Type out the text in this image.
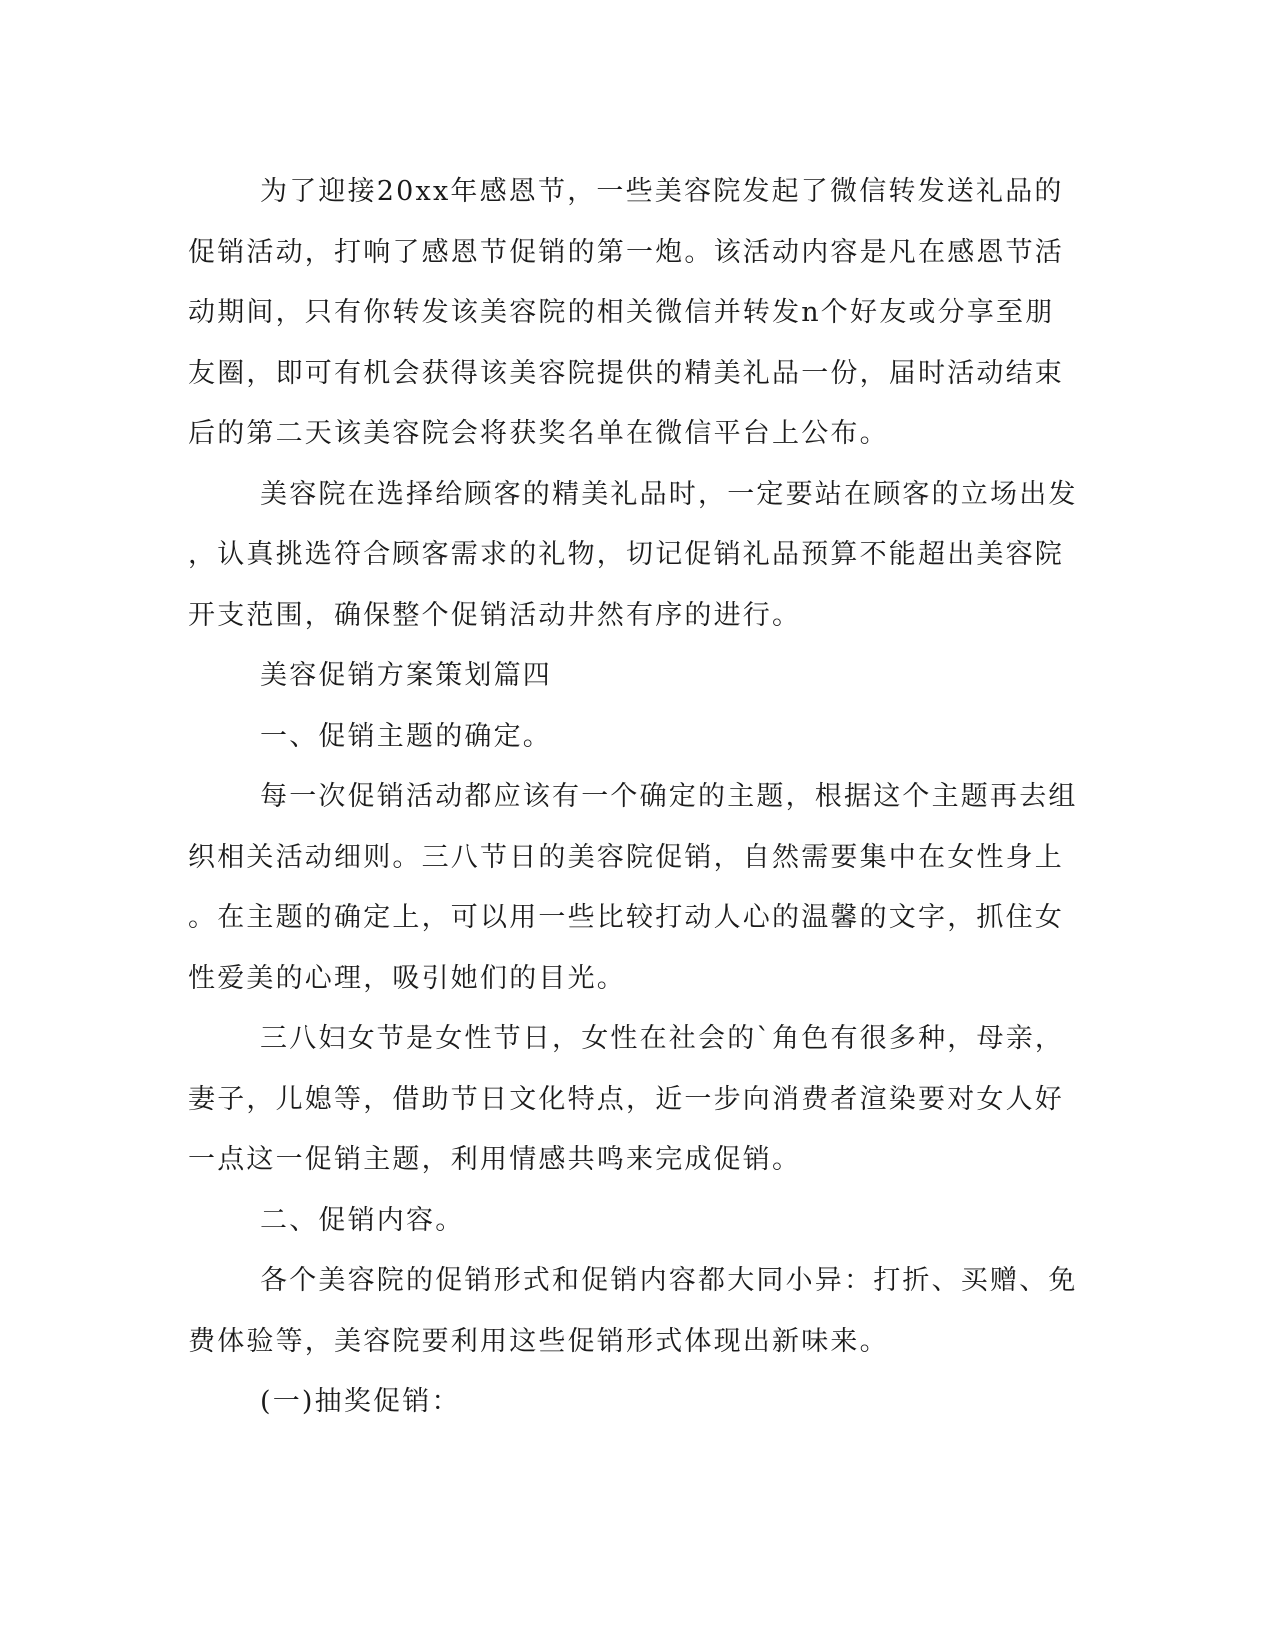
为了迎接20xx年感恩节，一些美容院发起了微信转发送礼品的
促销活动，打响了感恩节促销的第一炮。该活动内容是凡在感恩节活
动期间，只有你转发该美容院的相关微信并转发n个好友或分享至朋
友圈，即可有机会获得该美容院提供的精美礼品一份，届时活动结束
后的第二天该美容院会将获奖名单在微信平台上公布。
美容院在选择给顾客的精美礼品时，一定要站在顾客的立场出发
，认真挑选符合顾客需求的礼物，切记促销礼品预算不能超出美容院
开支范围，确保整个促销活动井然有序的进行。
美容促销方案策划篇四
一、促销主题的确定。
每一次促销活动都应该有一个确定的主题，根据这个主题再去组
织相关活动细则。三八节日的美容院促销，自然需要集中在女性身上
。在主题的确定上，可以用一些比较打动人心的温馨的文字，抓住女
性爱美的心理，吸引她们的目光。
三八妇女节是女性节日，女性在社会的`角色有很多种，母亲，
妻子，儿媳等，借助节日文化特点，近一步向消费者渲染要对女人好
一点这一促销主题，利用情感共鸣来完成促销。
二、促销内容。
各个美容院的促销形式和促销内容都大同小异：打折、买赠、免
费体验等，美容院要利用这些促销形式体现出新味来。
(一)抽奖促销：
